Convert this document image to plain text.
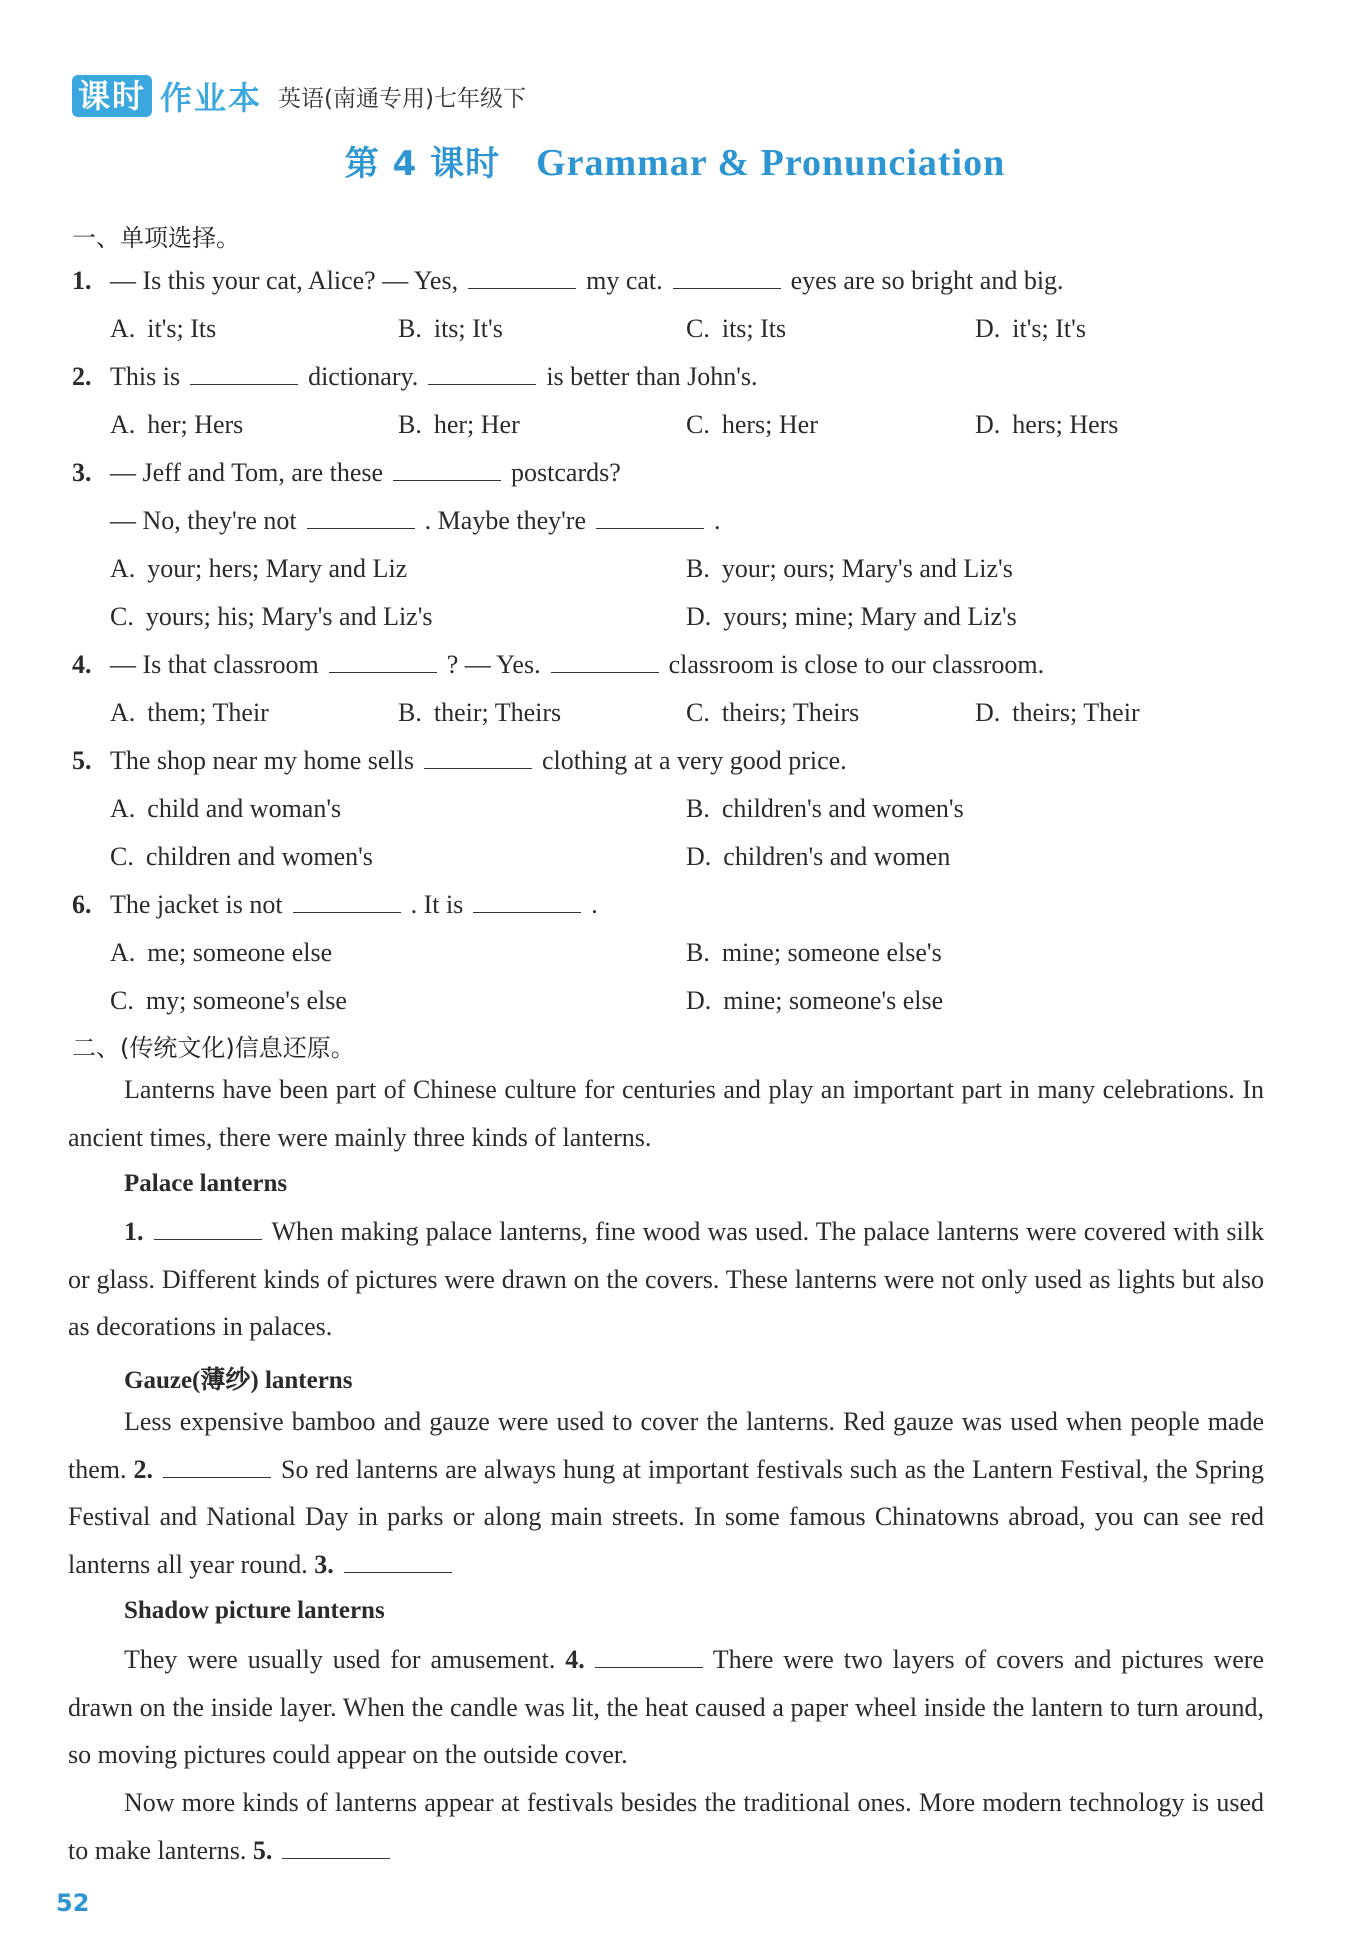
课时 作业本 英语(南通专用)七年级下
第 4 课时 Grammar & Pronunciation
一、单项选择。
1. — Is this your cat, Alice? — Yes,	my cat.	eyes are so bright and big.
A. it's; Its	B. its; It's	C. its; Its	D. it's; It's
2. This is	dictionary.	is better than John's.
A. her; Hers	B. her; Her	C. hers; Her	D. hers; Hers
3. — Jeff and Tom, are these	postcards?
— No, they're not	. Maybe they're	.
A. your; hers; Mary and Liz	B. your; ours; Mary's and Liz's
C. yours; his; Mary's and Liz's	D. yours; mine; Mary and Liz's
4. — Is that classroom	? — Yes.	classroom is close to our classroom.
A. them; Their	B. their; Theirs	C. theirs; Theirs	D. theirs; Their
5. The shop near my home sells	clothing at a very good price.
A. child and woman's	B. children's and women's
C. children and women's	D. children's and women
6. The jacket is not	. It is	.
A. me; someone else	B. mine; someone else's
C. my; someone's else	D. mine; someone's else
二、(传统文化)信息还原。
Lanterns have been part of Chinese culture for centuries and play an important part in many celebrations. In ancient times, there were mainly three kinds of lanterns.
Palace lanterns
1.	When making palace lanterns, fine wood was used. The palace lanterns were covered with silk or glass. Different kinds of pictures were drawn on the covers. These lanterns were not only used as lights but also as decorations in palaces.
Gauze(薄纱) lanterns
Less expensive bamboo and gauze were used to cover the lanterns. Red gauze was used when people made them. 2.	So red lanterns are always hung at important festivals such as the Lantern Festival, the Spring Festival and National Day in parks or along main streets. In some famous Chinatowns abroad, you can see red lanterns all year round. 3.
Shadow picture lanterns
They were usually used for amusement. 4.	There were two layers of covers and pictures were drawn on the inside layer. When the candle was lit, the heat caused a paper wheel inside the lantern to turn around, so moving pictures could appear on the outside cover.
Now more kinds of lanterns appear at festivals besides the traditional ones. More modern technology is used to make lanterns. 5.
52
